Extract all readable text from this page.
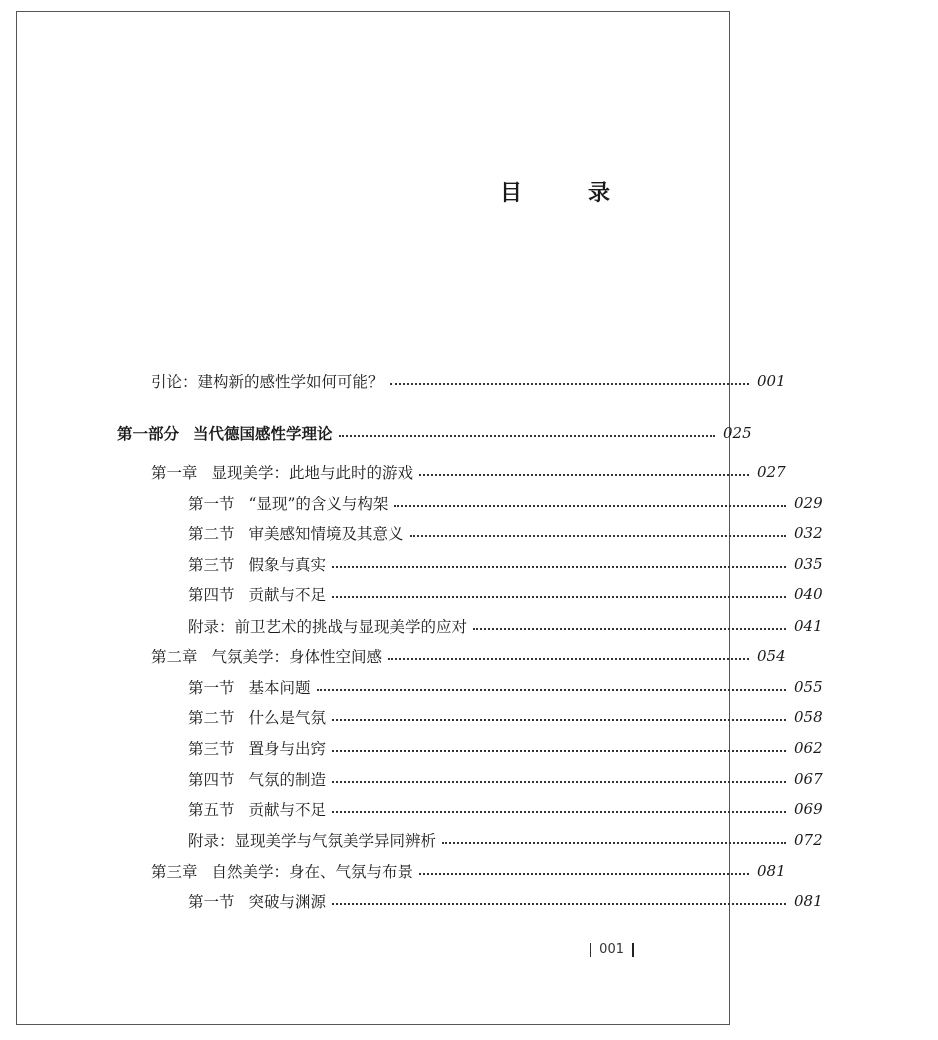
目　录
引论：建构新的感性学如何可能？	001
第一部分 当代德国感性学理论	025
第一章 显现美学：此地与此时的游戏	027
第一节 “显现”的含义与构架	029
第二节 审美感知情境及其意义	032
第三节 假象与真实	035
第四节 贡献与不足	040
附录：前卫艺术的挑战与显现美学的应对	041
第二章 气氛美学：身体性空间感	054
第一节 基本问题	055
第二节 什么是气氛	058
第三节 置身与出窍	062
第四节 气氛的制造	067
第五节 贡献与不足	069
附录：显现美学与气氛美学异同辨析	072
第三章 自然美学：身在、气氛与布景	081
第一节 突破与渊源	081
001
